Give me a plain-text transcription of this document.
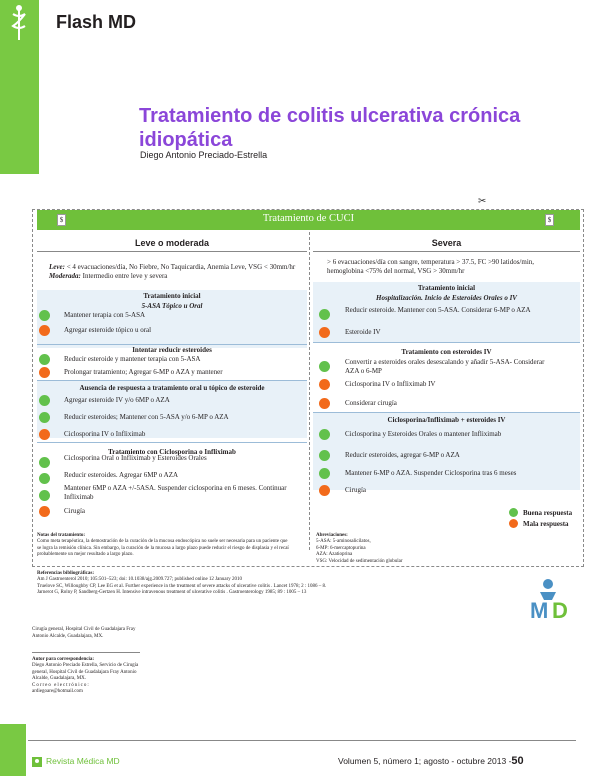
Flash MD
Tratamiento de colitis ulcerativa crónica idiopática
Diego Antonio Preciado-Estrella
✂
Tratamiento de CUCI
$	$
Leve o moderada	Severa
Leve: < 4 evacuaciones/día, No Fiebre, No Taquicardia, Anemia Leve, VSG < 30mm/hr
Moderada: Intermedio entre leve y severa
Tratamiento inicial
5-ASA Tópico u Oral
Mantener terapia con 5-ASA
Agregar esteroide tópico u oral
Intentar reducir esteroides
Reducir esteroide y mantener terapia con 5-ASA
Prolongar tratamiento; Agregar 6-MP o AZA y mantener
Ausencia de respuesta a tratamiento oral u tópico de esteroide
Agregar esteroide IV y/o 6MP o AZA
Reducir esteroides; Mantener con 5-ASA y/o 6-MP o AZA
Ciclosporina IV o Infliximab
Tratamiento con Ciclosporina o Infliximab
Ciclosporina Oral o Infliximab y Esteroides Orales
Reducir esteroides. Agregar 6MP o AZA
Mantener 6MP o AZA +/-5ASA. Suspender ciclosporina en 6 meses. Continuar Infliximab
Cirugía
> 6 evacuaciones/día con sangre, temperatura > 37.5, FC >90 latidos/min, hemoglobina <75% del normal, VSG > 30mm/hr
Tratamiento inicial
Hospitalización. Inicio de Esteroides Orales o IV
Reducir esteroide. Mantener con 5-ASA. Considerar 6-MP o AZA
Esteroide IV
Tratamiento con esteroides IV
Convertir a esteroides orales desescalando y añadir 5-ASA- Considerar AZA o 6-MP
Ciclosporina IV o Infliximab IV
Considerar cirugía
Ciclosporina/Infliximab + esteroides IV
Ciclosporina y Esteroides Orales o mantener Infliximab
Reducir esteroides, agregar 6-MP o AZA
Mantener 6-MP o AZA. Suspender Ciclosporina tras 6 meses
Cirugía
Buena respuesta
Mala respuesta
Notas del tratamiento:
Como meta terapéutica, la demostración de la curación de la mucosa endoscópica no suele ser necesaria para un paciente que se logra la remisión clínica. Sin embargo, la curación de la mucosa a largo plazo puede reducir el riesgo de displasia y el recaí probablemente un mejor resultado a largo plazo.
Abreviaciones:
5-ASA: 5-aminosalicilatos,
6-MP: 6-mercaptopurina
AZA: Azatioprina
VSG: Velocidad de sedimentación globular
Referencias bibliográficas:
Am J Gastroenterol 2010; 105:501–523; doi: 10.1038/ajg.2009.727; published online 12 January 2010
Truelove SC, Willoughby CP, Lee EG et al. Further experience in the treatment of severe attacks of ulcerative colitis . Lancet 1978; 2 : 1086 – 8.
Jarnerot G, Rolny P, Sandberg-Gertzen H. Intensive intravenous treatment of ulcerative colitis . Gastroenterology 1985; 89 : 1005 – 13
M D
Cirugía general, Hospital Civil de Guadalajara Fray Antonio Alcalde, Guadalajara, MX.
Autor para correspondencia:
Diego Antonio Preciado Estrella, Servicio de Cirugía general, Hospital Civil de Guadalajara Fray Antonio Alcalde, Guadalajara, MX.
Correo electrónico:
ardiegoare@hotmail.com
Revista Médica MD	Volumen 5, número 1; agosto - octubre 2013 -50
